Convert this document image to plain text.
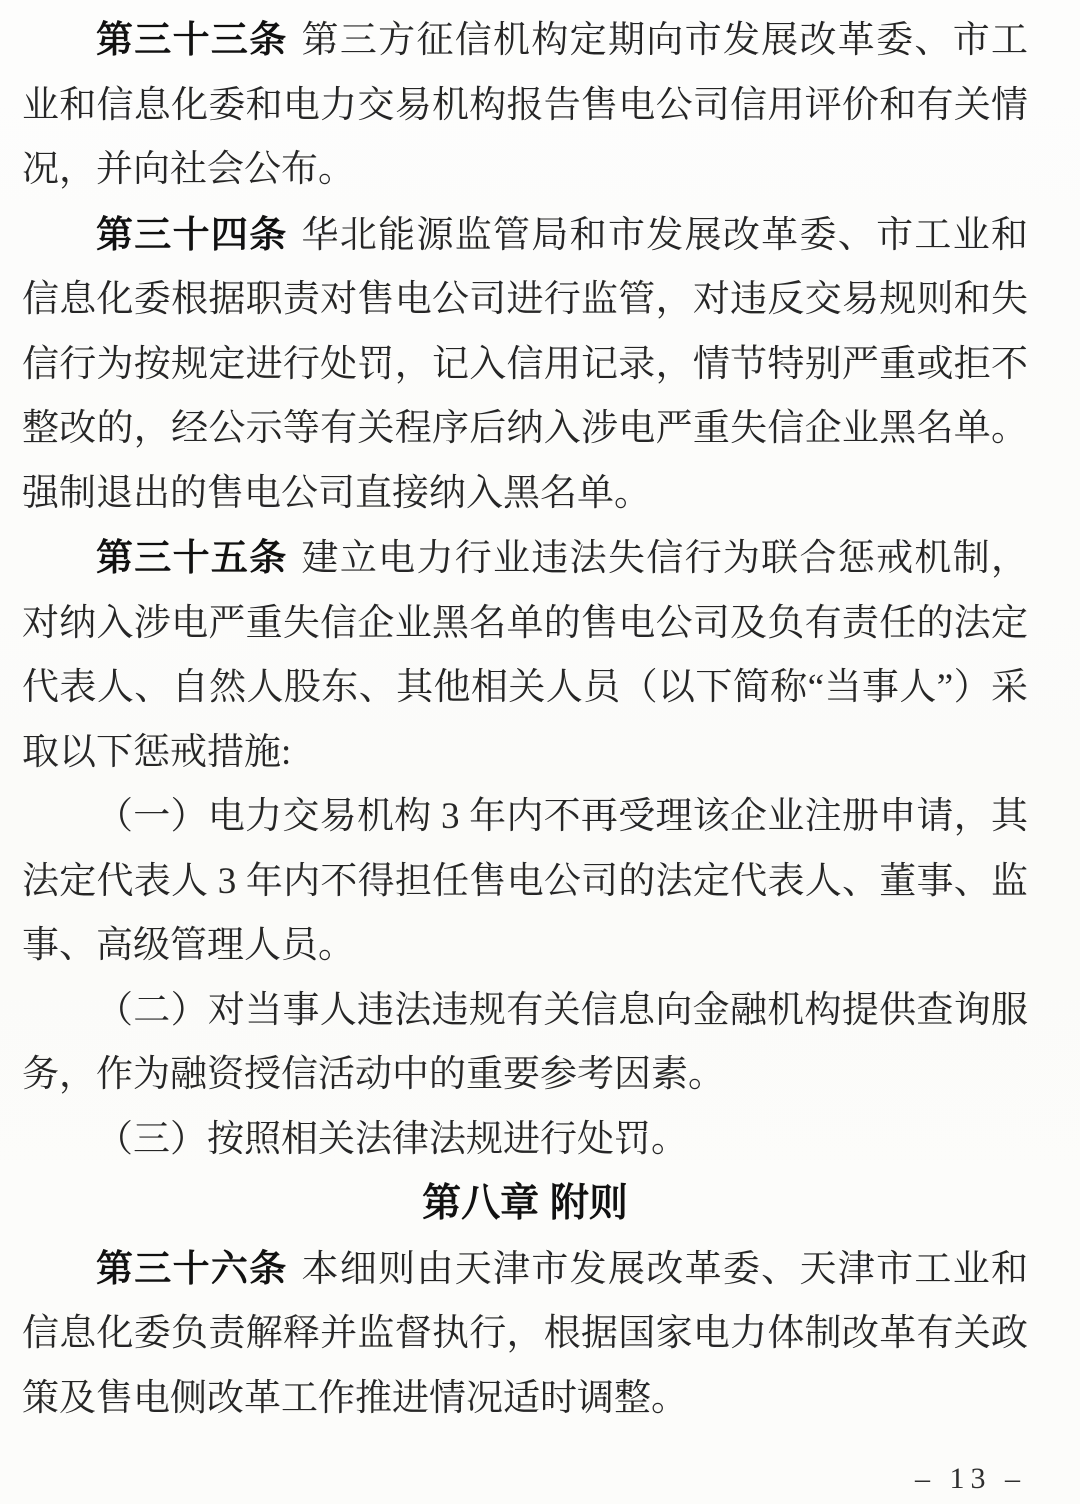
第三十三条 第三方征信机构定期向市发展改革委、市工业和信息化委和电力交易机构报告售电公司信用评价和有关情况，并向社会公布。

第三十四条 华北能源监管局和市发展改革委、市工业和信息化委根据职责对售电公司进行监管，对违反交易规则和失信行为按规定进行处罚，记入信用记录，情节特别严重或拒不整改的，经公示等有关程序后纳入涉电严重失信企业黑名单。强制退出的售电公司直接纳入黑名单。

第三十五条 建立电力行业违法失信行为联合惩戒机制，对纳入涉电严重失信企业黑名单的售电公司及负有责任的法定代表人、自然人股东、其他相关人员（以下简称“当事人”）采取以下惩戒措施:

（一）电力交易机构 3 年内不再受理该企业注册申请，其法定代表人 3 年内不得担任售电公司的法定代表人、董事、监事、高级管理人员。

（二）对当事人违法违规有关信息向金融机构提供查询服务，作为融资授信活动中的重要参考因素。

（三）按照相关法律法规进行处罚。

第八章 附则

第三十六条 本细则由天津市发展改革委、天津市工业和信息化委负责解释并监督执行，根据国家电力体制改革有关政策及售电侧改革工作推进情况适时调整。

– 13 –
